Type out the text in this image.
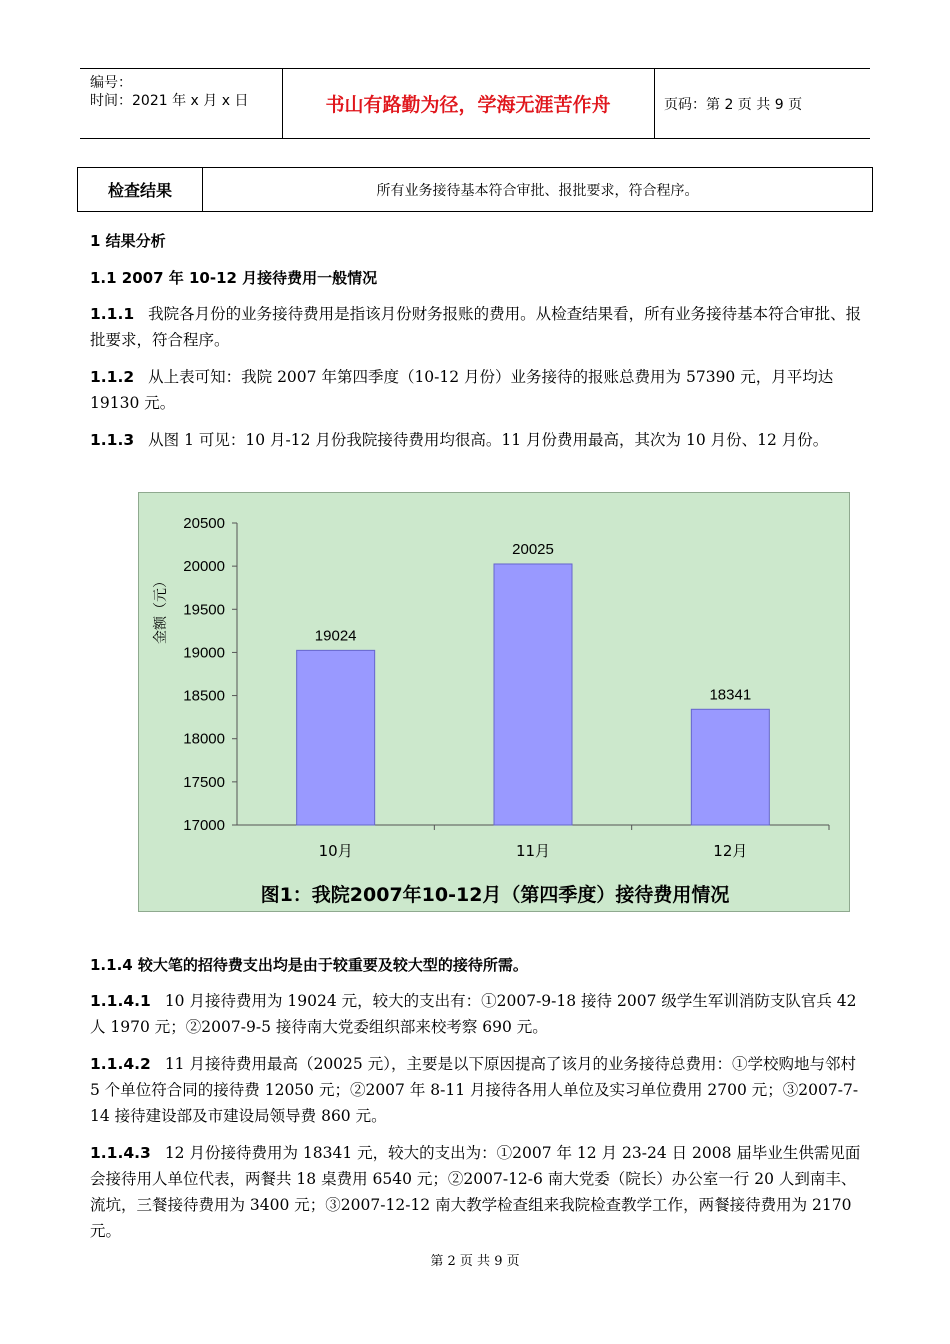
编号：
时间：2021 年 x 月 x 日	书山有路勤为径，学海无涯苦作舟	页码：第 2 页 共 9 页
检查结果	所有业务接待基本符合审批、报批要求，符合程序。
1 结果分析
1.1 2007 年 10-12 月接待费用一般情况
1.1.1 我院各月份的业务接待费用是指该月份财务报账的费用。从检查结果看，所有业务接待基本符合审批、报批要求，符合程序。
1.1.2 从上表可知：我院 2007 年第四季度（10-12 月份）业务接待的报账总费用为 57390 元，月平均达 19130 元。
1.1.3 从图 1 可见：10 月-12 月份我院接待费用均很高。11 月份费用最高，其次为 10 月份、12 月份。
17000
17500
18000
18500
19000
19500
20000
20500
金额（元）	19024
10月
20025
11月
18341
12月
图1：我院2007年10-12月（第四季度）接待费用情况
1.1.4 较大笔的招待费支出均是由于较重要及较大型的接待所需。
1.1.4.1 10 月接待费用为 19024 元，较大的支出有：①2007-9-18 接待 2007 级学生军训消防支队官兵 42 人 1970 元；②2007-9-5 接待南大党委组织部来校考察 690 元。
1.1.4.2 11 月接待费用最高（20025 元），主要是以下原因提高了该月的业务接待总费用：①学校购地与邻村 5 个单位符合同的接待费 12050 元；②2007 年 8-11 月接待各用人单位及实习单位费用 2700 元；③2007-7-14 接待建设部及市建设局领导费 860 元。
1.1.4.3 12 月份接待费用为 18341 元，较大的支出为：①2007 年 12 月 23-24 日 2008 届毕业生供需见面会接待用人单位代表，两餐共 18 桌费用 6540 元；②2007-12-6 南大党委（院长）办公室一行 20 人到南丰、流坑，三餐接待费用为 3400 元；③2007-12-12 南大教学检查组来我院检查教学工作，两餐接待费用为 2170 元。
第 2 页 共 9 页
